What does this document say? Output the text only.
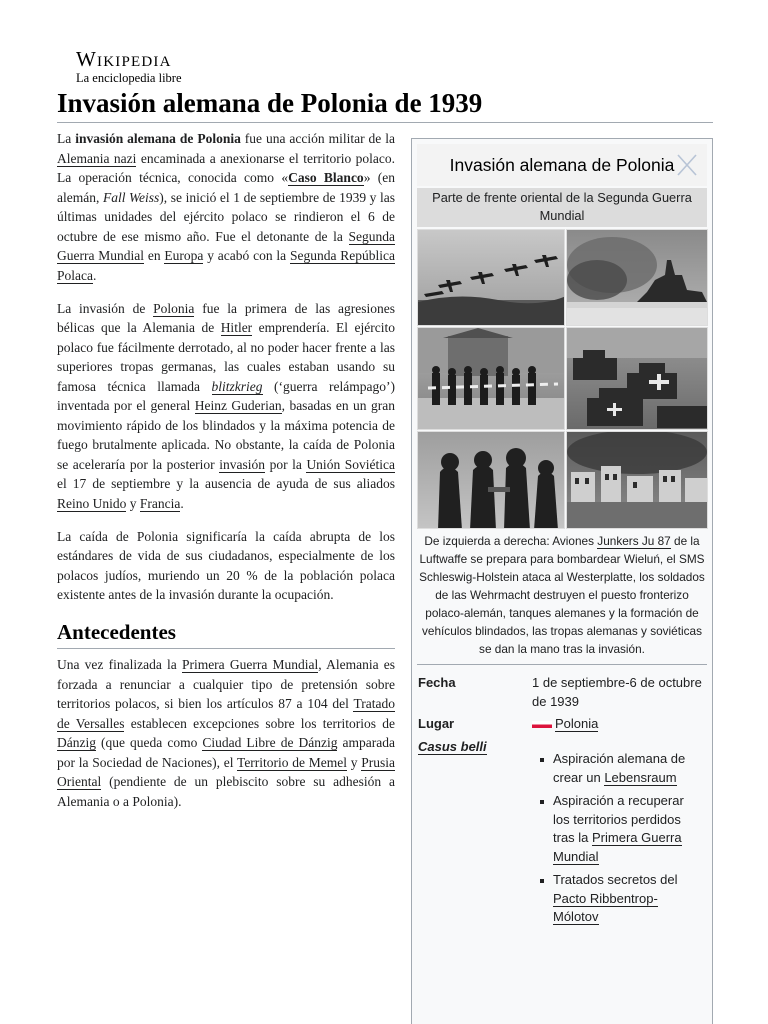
Wikipedia
La enciclopedia libre
Invasión alemana de Polonia de 1939

La invasión alemana de Polonia fue una acción militar de la Alemania nazi encaminada a anexionarse el territorio polaco. La operación técnica, conocida como «Caso Blanco» (en alemán, Fall Weiss), se inició el 1 de septiembre de 1939 y las últimas unidades del ejército polaco se rindieron el 6 de octubre de ese mismo año. Fue el detonante de la Segunda Guerra Mundial en Europa y acabó con la Segunda República Polaca.

La invasión de Polonia fue la primera de las agresiones bélicas que la Alemania de Hitler emprendería. El ejército polaco fue fácilmente derrotado, al no poder hacer frente a las superiores tropas germanas, las cuales estaban usando su famosa técnica llamada blitzkrieg (‘guerra relámpago’) inventada por el general Heinz Guderian, basadas en un gran movimiento rápido de los blindados y la máxima potencia de fuego brutalmente aplicada. No obstante, la caída de Polonia se aceleraría por la posterior invasión por la Unión Soviética el 17 de septiembre y la ausencia de ayuda de sus aliados Reino Unido y Francia.

La caída de Polonia significaría la caída abrupta de los estándares de vida de sus ciudadanos, especialmente de los polacos judíos, muriendo un 20 % de la población polaca existente antes de la invasión durante la ocupación.

Antecedentes

Una vez finalizada la Primera Guerra Mundial, Alemania es forzada a renunciar a cualquier tipo de pretensión sobre territorios polacos, si bien los artículos 87 a 104 del Tratado de Versalles establecen excepciones sobre los territorios de Dánzig (que queda como Ciudad Libre de Dánzig amparada por la Sociedad de Naciones), el Territorio de Memel y Prusia Oriental (pendiente de un plebiscito sobre su adhesión a Alemania o a Polonia).

Invasión alemana de Polonia
Parte de frente oriental de la Segunda Guerra Mundial
De izquierda a derecha: Aviones Junkers Ju 87 de la Luftwaffe se prepara para bombardear Wieluń, el SMS Schleswig-Holstein ataca al Westerplatte, los soldados de las Wehrmacht destruyen el puesto fronterizo polaco-alemán, tanques alemanes y la formación de vehículos blindados, las tropas alemanas y soviéticas se dan la mano tras la invasión.
Fecha	1 de septiembre-6 de octubre de 1939
Lugar	Polonia
Casus belli
Aspiración alemana de crear un Lebensraum
Aspiración a recuperar los territorios perdidos tras la Primera Guerra Mundial
Tratados secretos del Pacto Ribbentrop-Mólotov
